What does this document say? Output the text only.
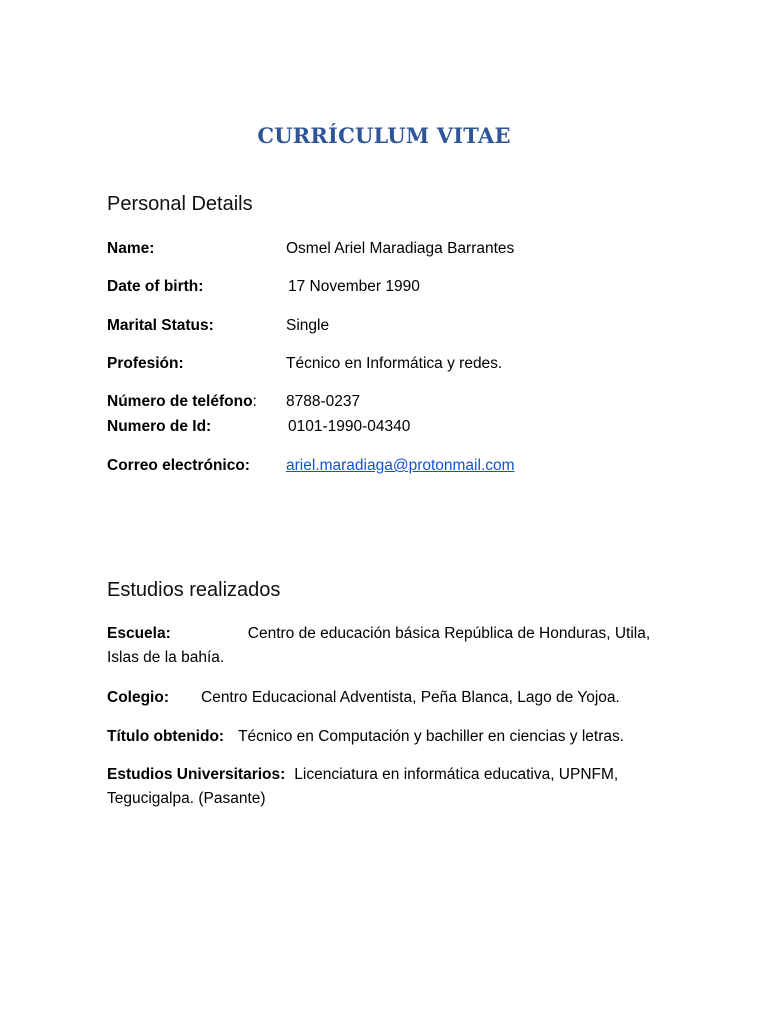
CURRÍCULUM VITAE
Personal Details
Name:	Osmel Ariel Maradiaga Barrantes
Date of birth:	17 November 1990
Marital Status:	Single
Profesión:	Técnico en Informática y redes.
Número de teléfono: 8788-0237
Numero de Id:	0101-1990-04340
Correo electrónico: ariel.maradiaga@protonmail.com
Estudios realizados
Escuela:	Centro de educación básica República de Honduras, Utila, Islas de la bahía.
Colegio: Centro Educacional Adventista, Peña Blanca, Lago de Yojoa.
Título obtenido: Técnico en Computación y bachiller en ciencias y letras.
Estudios Universitarios: Licenciatura en informática educativa, UPNFM, Tegucigalpa. (Pasante)
